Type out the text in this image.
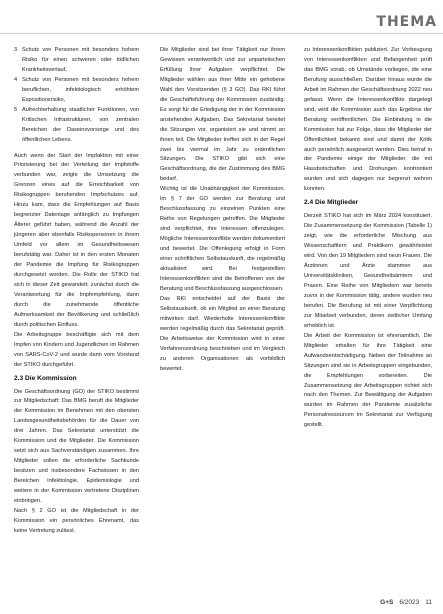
THEMA
3 Schutz von Personen mit besonders hohem Risiko für einen schweren oder tödlichen Krankheitsverlauf,
4 Schutz von Personen mit besonders hohem beruflichen, infektiologisch erhöhtem Expositionsrisiko,
5 Aufrechterhaltung staatlicher Funktionen, von Kritischen Infrastrukturen, von zentralen Bereichen der Daseinsvorsorge und des öffentlichen Lebens.

Auch wenn der Start der Impfaktion mit einer Priorisierung bei der Verteilung der Impfstoffe verbunden war, zeigte die Umsetzung die Grenzen eines auf die Erreichbarkeit von Risikogruppen beruhenden Impfschutzes auf. Hinzu kam, dass die Empfehlungen auf Basis begrenzter Datenlage anfänglich zu Impfungen Älterer geführt haben, während die Anzahl der jüngeren aber ebenfalls Risikopersonen in ihrem Umfeld vor allem im Gesundheitswesen berufstätig war. Daher ist in den ersten Monaten der Pandemie die Impfung für Risikogruppen durchgesetzt worden. Die Rolle der STIKO hat sich in dieser Zeit gewandelt: zunächst durch die Verantwortung für die Impfempfehlung, dann durch die zunehmende öffentliche Aufmerksamkeit der Bevölkerung und schließlich durch politischen Einfluss.

Die Arbeitsgruppe beschäftigte sich mit dem Impfen von Kindern und Jugendlichen im Rahmen von SARS-CoV-2 und wurde dann vom Vorstand der STIKO durchgeführt.

2.3 Die Kommission

Die Geschäftsordnung (GO) der STIKO bestimmt zur Mitgliedschaft: Das BMG beruft die Mitglieder der Kommission im Benehmen mit den obersten Landesgesundheitsbehörden für die Dauer von drei Jahren. Das Sekretariat unterstützt die Kommission und die Mitglieder. Die Kommission setzt sich aus Sachverständigen zusammen. Ihre Mitglieder sollen die erforderliche Sachkunde besitzen und insbesondere Fachwissen in den Bereichen Infektiologie, Epidemiologie und weitere in der Kommission vertretene Disziplinen einbringen.

Nach § 2 GO ist die Mitgliedschaft in der Kommission ein persönliches Ehrenamt, das keine Vertretung zulässt.

Die Mitglieder sind bei ihrer Tätigkeit nur ihrem Gewissen verantwortlich und zur unparteiischen Erfüllung ihrer Aufgaben verpflichtet. Die Mitglieder wählen aus ihrer Mitte ein gehobene Wahl den Vorsitzenden (§ 3 GO). Das RKI führt die Geschäftsführung der Kommission zuständig. Es sorgt für die Erledigung der in der Kommission anstehenden Aufgaben. Das Sekretariat bereitet die Sitzungen vor, organisiert sie und nimmt an ihnen teil. Die Mitglieder treffen sich in der Regel zwei bis viermal im Jahr zu ordentlichen Sitzungen. Die STIKO gibt sich eine Geschäftsordnung, die der Zustimmung des BMG bedarf.

Wichtig ist die Unabhängigkeit der Kommission. Im § 7 der GO werden zur Beratung und Beschlussfassung zu einzelnen Punkten eine Reihe von Regelungen getroffen. Die Mitglieder sind verpflichtet, ihre Interessen offenzulegen. Mögliche Interessenkonflikte werden dokumentiert und bewertet. Die Offenlegung erfolgt in Form einer schriftlichen Selbstauskunft, die regelmäßig aktualisiert wird. Bei festgestellten Interessenkonflikten sind die Betroffenen von der Beratung und Beschlussfassung ausgeschlossen.

Das RKI entscheidet auf der Basis der Selbstauskunft, ob ein Mitglied an einer Beratung mitwirken darf. Wiederholte Interessenkonflikte werden regelmäßig durch das Sekretariat geprüft. Die Arbeitsweise der Kommission wird in einer Verfahrensordnung beschrieben und im Vergleich zu anderen Organisationen als vorbildlich bewertet.

zu Interessenkonflikten publiziert. Zur Vorbeugung von Interessenkonflikten und Befangenheit prüft das BMG vorab, ob Umstände vorliegen, die eine Berufung ausschließen. Darüber hinaus wurde die Arbeit im Rahmen der Geschäftsordnung 2022 neu gefasst. Wenn die Interessenkonflikte dargelegt sind, wird die Kommission auch das Ergebnis der Beratung veröffentlichen. Die Einbindung in die Kommission hat zur Folge, dass die Mitglieder der Öffentlichkeit bekannt sind und damit der Kritik auch persönlich ausgesetzt werden. Dies betraf in der Pandemie einige der Mitglieder, die mit Hassbotschaften und Drohungen konfrontiert wurden und sich dagegen nur begrenzt wehren konnten.

2.4 Die Mitglieder

Derzeit STIKO hat sich im März 2024 konstituiert. Die Zusammensetzung der Kommission (Tabelle 1) zeigt, wie die erforderliche Mischung aus Wissenschaftlern und Praktikern gewährleistet wird. Von den 19 Mitgliedern sind neun Frauen. Die Ärztinnen und Ärzte stammen aus Universitätskliniken, Gesundheitsämtern und Praxen. Eine Reihe von Mitgliedern war bereits zuvor in der Kommission tätig, andere wurden neu berufen. Die Berufung ist mit einer Verpflichtung zur Mitarbeit verbunden, deren zeitlicher Umfang erheblich ist.

Die Arbeit der Kommission ist ehrenamtlich. Die Mitglieder erhalten für ihre Tätigkeit eine Aufwandsentschädigung. Neben der Teilnahme an Sitzungen sind sie in Arbeitsgruppen eingebunden, die Empfehlungen vorbereiten. Die Zusammensetzung der Arbeitsgruppen richtet sich nach den Themen. Zur Bewältigung der Aufgaben wurden im Rahmen der Pandemie zusätzliche Personalressourcen im Sekretariat zur Verfügung gestellt.

G+S 6/2023 11
